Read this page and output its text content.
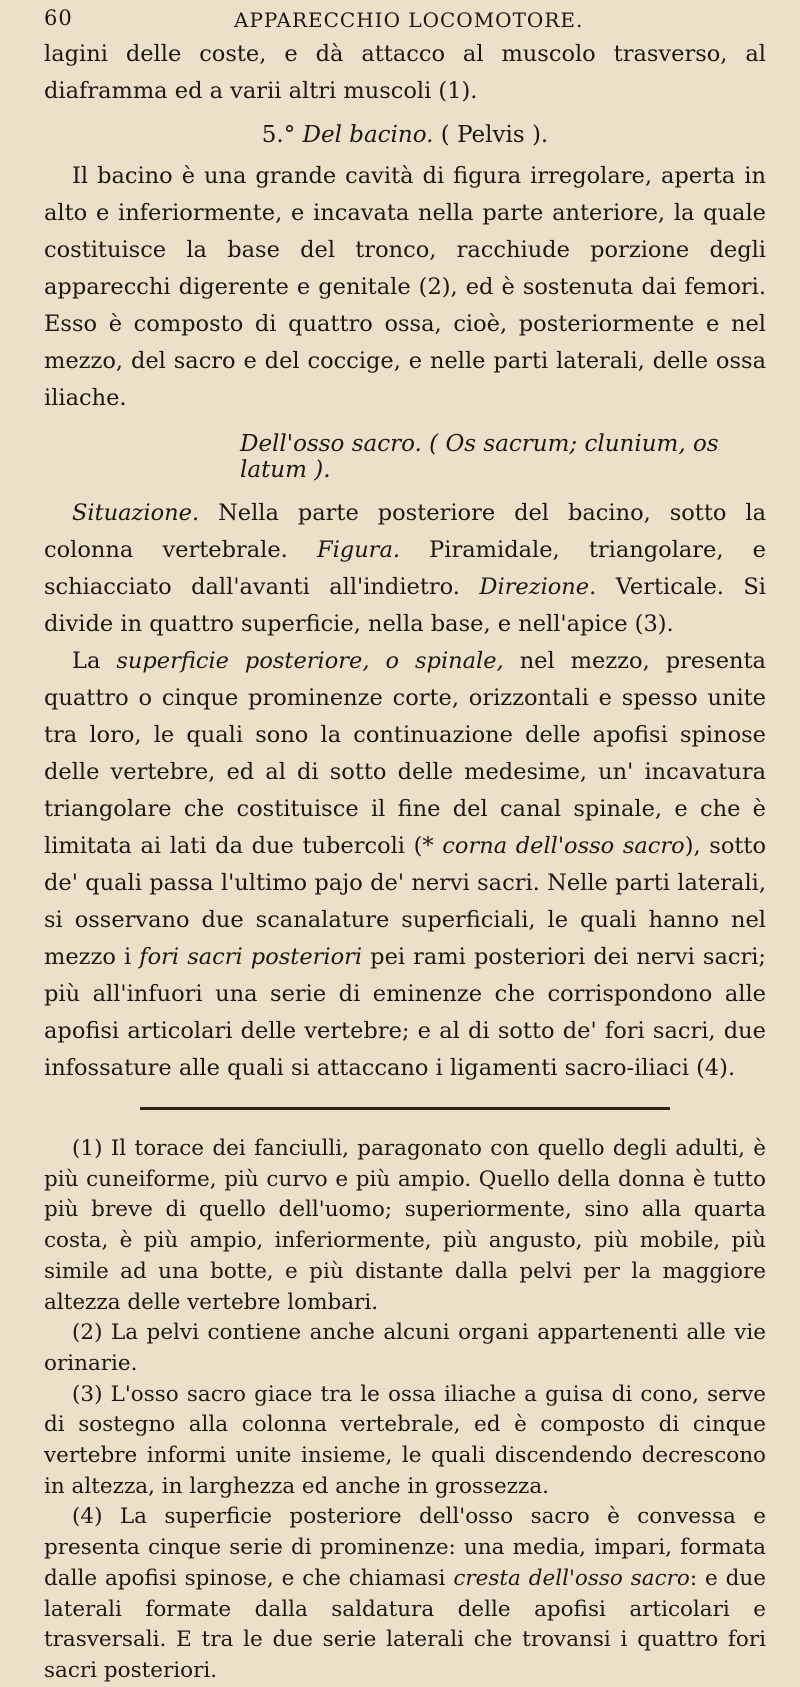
60	APPARECCHIO LOCOMOTORE.

lagini delle coste, e dà attacco al muscolo trasverso, al diaframma ed a varii altri muscoli (1).

5.° Del bacino. ( Pelvis ).

Il bacino è una grande cavità di figura irregolare, aperta in alto e inferiormente, e incavata nella parte anteriore, la quale costituisce la base del tronco, racchiude porzione degli apparecchi digerente e genitale (2), ed è sostenuta dai femori. Esso è composto di quattro ossa, cioè, posteriormente e nel mezzo, del sacro e del coccige, e nelle parti laterali, delle ossa iliache.

Dell'osso sacro. ( Os sacrum; clunium, os latum ).

Situazione. Nella parte posteriore del bacino, sotto la colonna vertebrale. Figura. Piramidale, triangolare, e schiacciato dall'avanti all'indietro. Direzione. Verticale. Si divide in quattro superficie, nella base, e nell'apice (3).

La superficie posteriore, o spinale, nel mezzo, presenta quattro o cinque prominenze corte, orizzontali e spesso unite tra loro, le quali sono la continuazione delle apofisi spinose delle vertebre, ed al di sotto delle medesime, un' incavatura triangolare che costituisce il fine del canal spinale, e che è limitata ai lati da due tubercoli (* corna dell'osso sacro), sotto de' quali passa l'ultimo pajo de' nervi sacri. Nelle parti laterali, si osservano due scanalature superficiali, le quali hanno nel mezzo i fori sacri posteriori pei rami posteriori dei nervi sacri; più all'infuori una serie di eminenze che corrispondono alle apofisi articolari delle vertebre; e al di sotto de' fori sacri, due infossature alle quali si attaccano i ligamenti sacro-iliaci (4).

(1) Il torace dei fanciulli, paragonato con quello degli adulti, è più cuneiforme, più curvo e più ampio. Quello della donna è tutto più breve di quello dell'uomo; superiormente, sino alla quarta costa, è più ampio, inferiormente, più angusto, più mobile, più simile ad una botte, e più distante dalla pelvi per la maggiore altezza delle vertebre lombari.

(2) La pelvi contiene anche alcuni organi appartenenti alle vie orinarie.

(3) L'osso sacro giace tra le ossa iliache a guisa di cono, serve di sostegno alla colonna vertebrale, ed è composto di cinque vertebre informi unite insieme, le quali discendendo decrescono in altezza, in larghezza ed anche in grossezza.

(4) La superficie posteriore dell'osso sacro è convessa e presenta cinque serie di prominenze: una media, impari, formata dalle apofisi spinose, e che chiamasi cresta dell'osso sacro: e due laterali formate dalla saldatura delle apofisi articolari e trasversali. E tra le due serie laterali che trovansi i quattro fori sacri posteriori.
